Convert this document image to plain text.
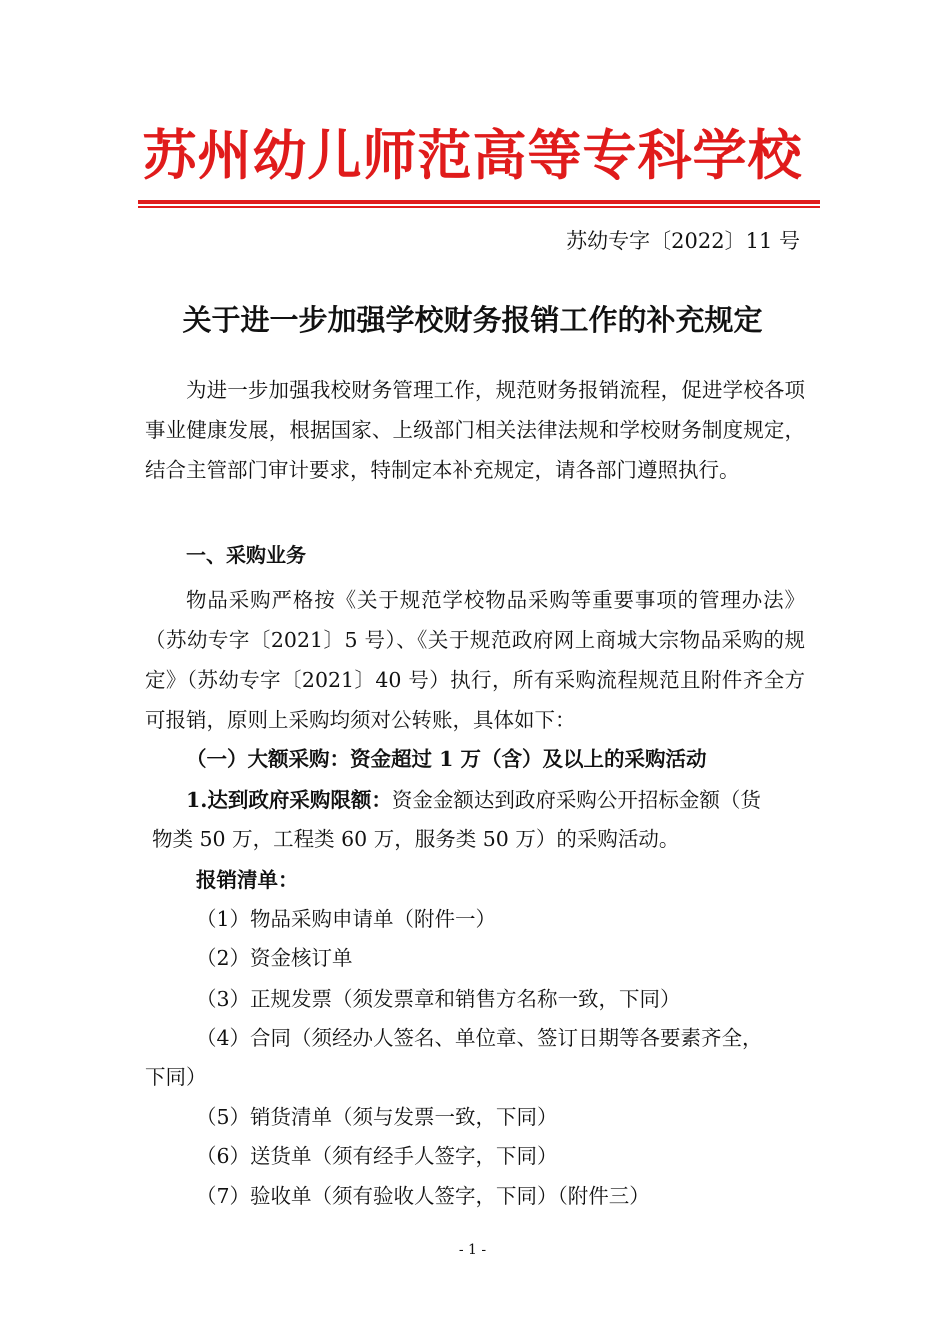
苏州幼儿师范高等专科学校
苏幼专字〔2022〕11 号
关于进一步加强学校财务报销工作的补充规定
为进一步加强我校财务管理工作，规范财务报销流程，促进学校各项事业健康发展，根据国家、上级部门相关法律法规和学校财务制度规定，结合主管部门审计要求，特制定本补充规定，请各部门遵照执行。
一、采购业务
物品采购严格按《关于规范学校物品采购等重要事项的管理办法》（苏幼专字〔2021〕5 号）、《关于规范政府网上商城大宗物品采购的规定》（苏幼专字〔2021〕40 号）执行，所有采购流程规范且附件齐全方可报销，原则上采购均须对公转账，具体如下：
（一）大额采购：资金超过 1 万（含）及以上的采购活动
1.达到政府采购限额：资金金额达到政府采购公开招标金额（货
物类 50 万，工程类 60 万，服务类 50 万）的采购活动。
报销清单：
（1）物品采购申请单（附件一）
（2）资金核订单
（3）正规发票（须发票章和销售方名称一致，下同）
（4）合同（须经办人签名、单位章、签订日期等各要素齐全，
下同）
（5）销货清单（须与发票一致，下同）
（6）送货单（须有经手人签字，下同）
（7）验收单（须有验收人签字，下同）（附件三）
- 1 -
